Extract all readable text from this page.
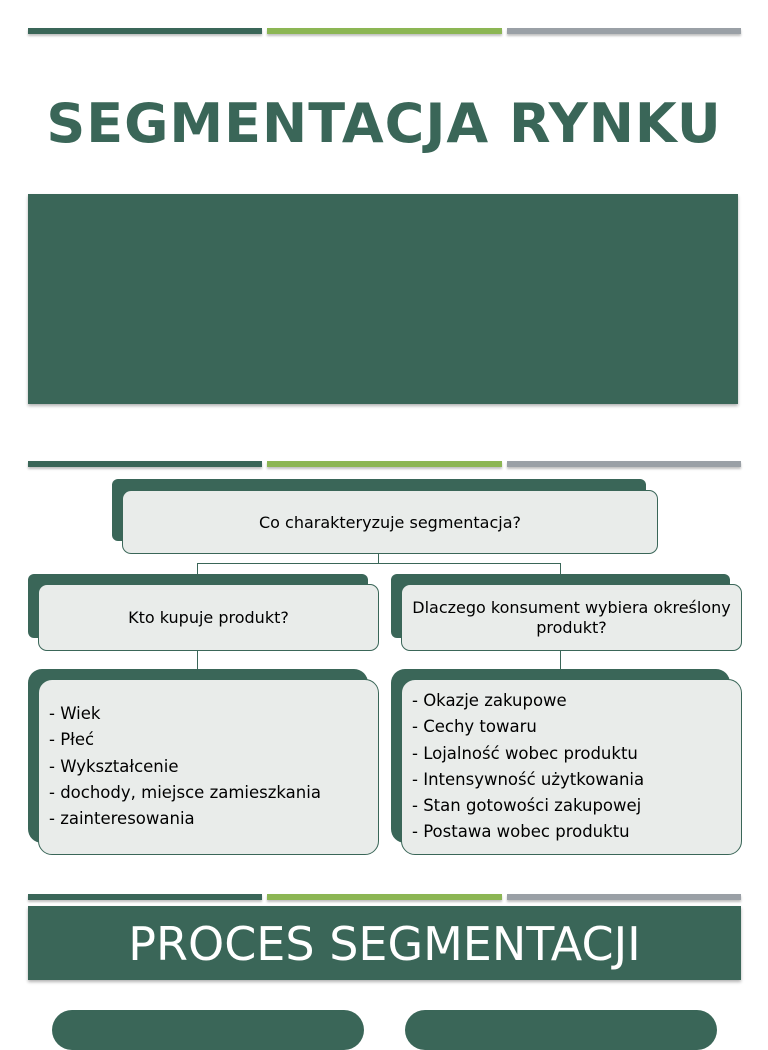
SEGMENTACJA RYNKU
Co charakteryzuje segmentacja?
Kto kupuje produkt?
Dlaczego konsument wybiera określony produkt?
- Wiek
- Płeć
- Wykształcenie
- dochody, miejsce zamieszkania
- zainteresowania
- Okazje zakupowe
- Cechy towaru
- Lojalność wobec produktu
- Intensywność użytkowania
- Stan gotowości zakupowej
- Postawa wobec produktu
PROCES SEGMENTACJI
